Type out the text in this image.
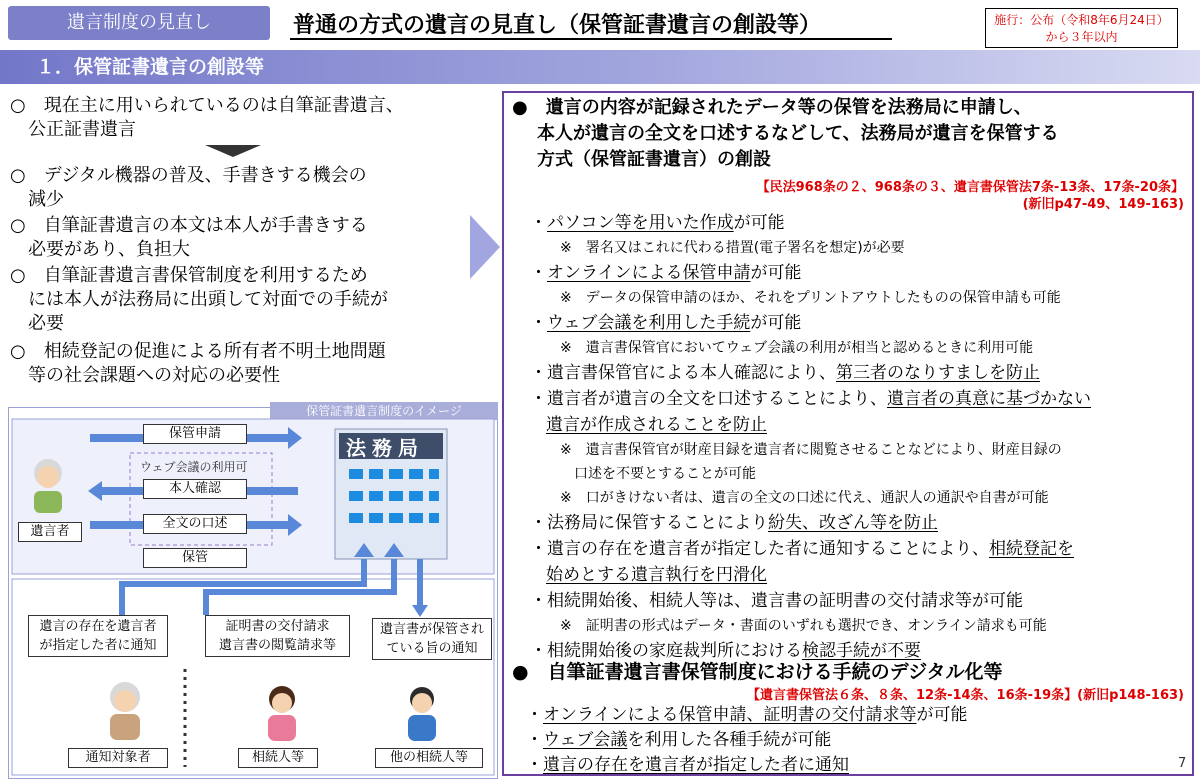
遺言制度の見直し	普通の方式の遺言の見直し（保管証書遺言の創設等）	施行：公布（令和8年6月24日）
から３年以内
１．保管証書遺言の創設等
○　現在主に用いられているのは自筆証書遺言、
　公正証書遺言
○　デジタル機器の普及、手書きする機会の
　減少
○　自筆証書遺言の本文は本人が手書きする
　必要があり、負担大
○　自筆証書遺言書保管制度を利用するため
　には本人が法務局に出頭して対面での手続が
　必要
○　相続登記の促進による所有者不明土地問題
　等の社会課題への対応の必要性
●　遺言の内容が記録されたデータ等の保管を法務局に申請し、
本人が遺言の全文を口述するなどして、法務局が遺言を保管する
方式（保管証書遺言）の創設
【民法968条の２、968条の３、遺言書保管法7条-13条、17条-20条】
(新旧p47-49、149-163)
・パソコン等を用いた作成が可能
※　署名又はこれに代わる措置(電子署名を想定)が必要
・オンラインによる保管申請が可能
※　データの保管申請のほか、それをプリントアウトしたものの保管申請も可能
・ウェブ会議を利用した手続が可能
※　遺言書保管官においてウェブ会議の利用が相当と認めるときに利用可能
・遺言書保管官による本人確認により、第三者のなりすましを防止
・遺言者が遺言の全文を口述することにより、遺言者の真意に基づかない
遺言が作成されることを防止
※　遺言書保管官が財産目録を遺言者に閲覧させることなどにより、財産目録の
　口述を不要とすることが可能
※　口がきけない者は、遺言の全文の口述に代え、通訳人の通訳や自書が可能
・法務局に保管することにより紛失、改ざん等を防止
・遺言の存在を遺言者が指定した者に通知することにより、相続登記を
始めとする遺言執行を円滑化
・相続開始後、相続人等は、遺言書の証明書の交付請求等が可能
※　証明書の形式はデータ・書面のいずれも選択でき、オンライン請求も可能
・相続開始後の家庭裁判所における検認手続が不要
●　自筆証書遺言書保管制度における手続のデジタル化等
【遺言書保管法６条、８条、12条-14条、16条-19条】(新旧p148-163)
・オンラインによる保管申請、証明書の交付請求等が可能
・ウェブ会議を利用した各種手続が可能
・遺言の存在を遺言者が指定した者に通知
保管証書遺言制度のイメージ
保管申請
ウェブ会議の利用可
本人確認
全文の口述
保管
法務局
遺言者
遺言の存在を遺言者
が指定した者に通知
証明書の交付請求
遺言書の閲覧請求等
遺言書が保管され
ている旨の通知
通知対象者	相続人等	他の相続人等	7
